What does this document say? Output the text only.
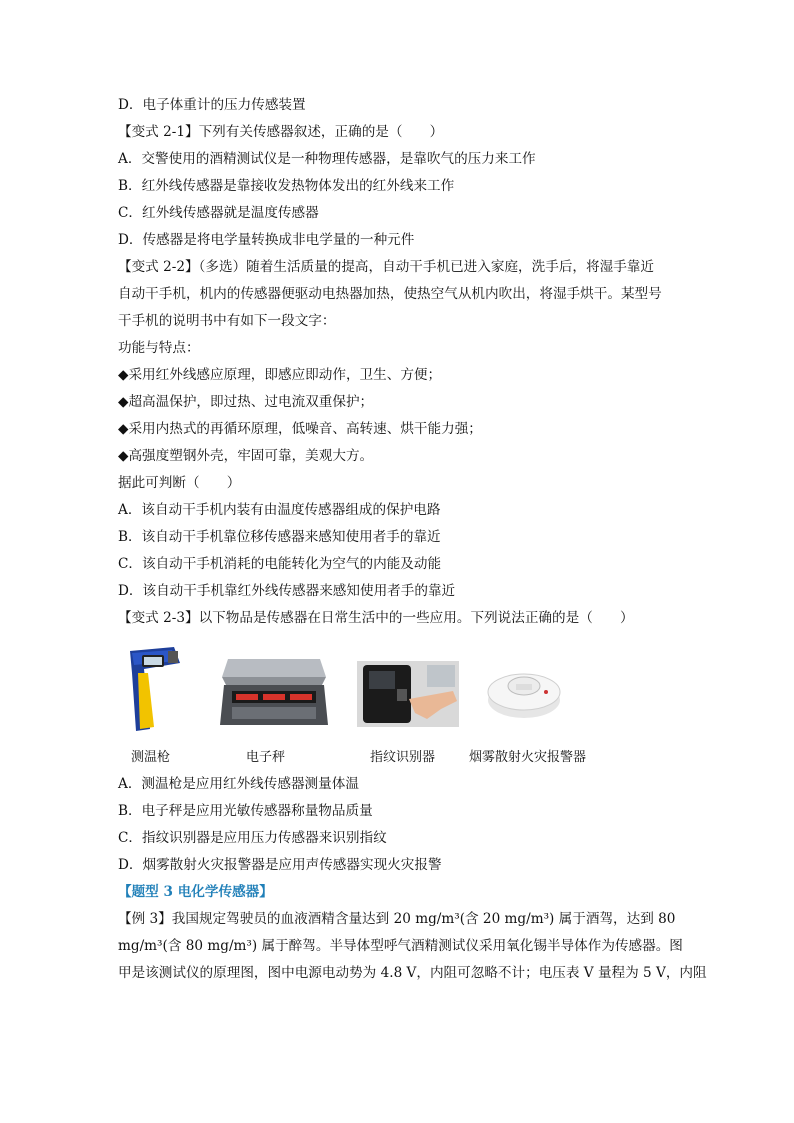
D．电子体重计的压力传感装置
【变式 2-1】下列有关传感器叙述，正确的是（　　）
A．交警使用的酒精测试仪是一种物理传感器，是靠吹气的压力来工作
B．红外线传感器是靠接收发热物体发出的红外线来工作
C．红外线传感器就是温度传感器
D．传感器是将电学量转换成非电学量的一种元件
【变式 2-2】（多选）随着生活质量的提高，自动干手机已进入家庭，洗手后，将湿手靠近
自动干手机，机内的传感器便驱动电热器加热，使热空气从机内吹出，将湿手烘干。某型号
干手机的说明书中有如下一段文字：
功能与特点：
◆采用红外线感应原理，即感应即动作，卫生、方便；
◆超高温保护，即过热、过电流双重保护；
◆采用内热式的再循环原理，低噪音、高转速、烘干能力强；
◆高强度塑钢外壳，牢固可靠，美观大方。
据此可判断（　　）
A．该自动干手机内装有由温度传感器组成的保护电路
B．该自动干手机靠位移传感器来感知使用者手的靠近
C．该自动干手机消耗的电能转化为空气的内能及动能
D．该自动干手机靠红外线传感器来感知使用者手的靠近
【变式 2-3】以下物品是传感器在日常生活中的一些应用。下列说法正确的是（　　）
测温枪	电子秤	指纹识别器	烟雾散射火灾报警器
A．测温枪是应用红外线传感器测量体温
B．电子秤是应用光敏传感器称量物品质量
C．指纹识别器是应用压力传感器来识别指纹
D．烟雾散射火灾报警器是应用声传感器实现火灾报警
【题型 3 电化学传感器】
【例 3】我国规定驾驶员的血液酒精含量达到 20 mg/m³(含 20 mg/m³) 属于酒驾，达到 80
mg/m³(含 80 mg/m³) 属于醉驾。半导体型呼气酒精测试仪采用氧化锡半导体作为传感器。图
甲是该测试仪的原理图，图中电源电动势为 4.8 V，内阻可忽略不计；电压表 V 量程为 5 V，内阻
